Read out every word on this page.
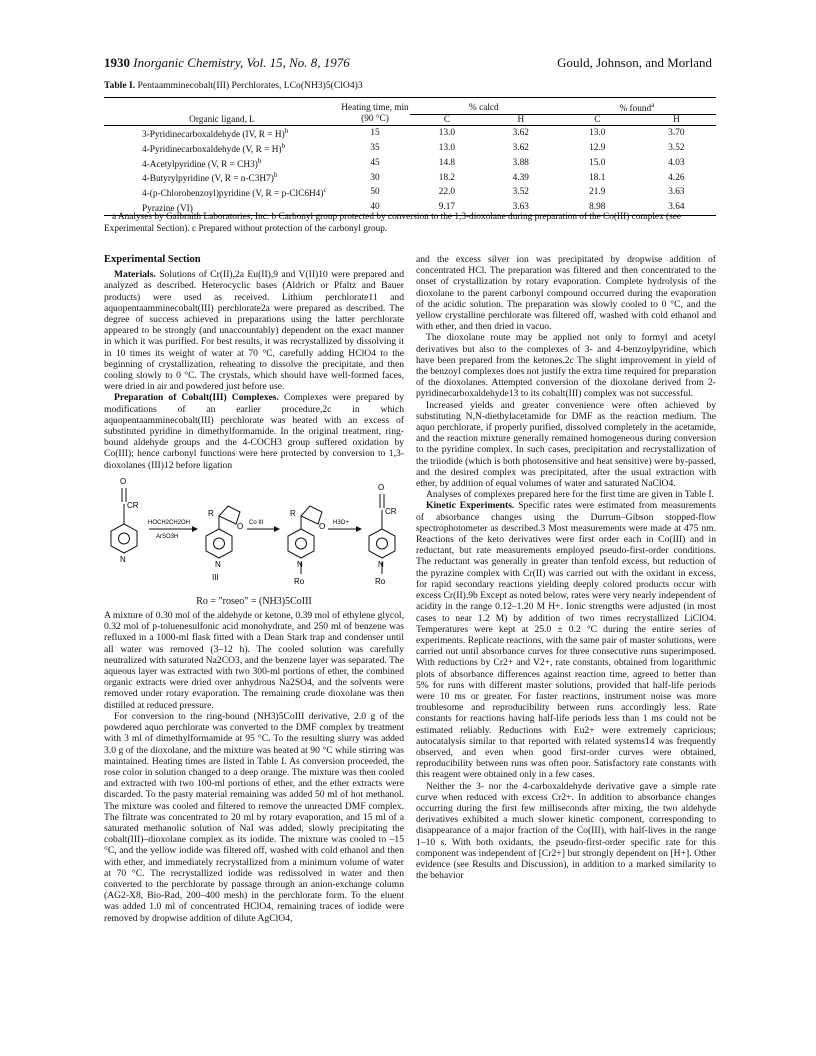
1930 Inorganic Chemistry, Vol. 15, No. 8, 1976	Gould, Johnson, and Morland
Table I. Pentaamminecobalt(III) Perchlorates, LCo(NH3)5(ClO4)3
Organic ligand, L	Heating time, min (90 °C)	% calcd		% found$^a$
		C	H	C	H
3-Pyridinecarboxaldehyde (IV, R = H)$^b$	15	13.0	3.62	13.0	3.70
4-Pyridinecarboxaldehyde (V, R = H)$^b$	35	13.0	3.62	12.9	3.52
4-Acetylpyridine (V, R = CH3)$^b$	45	14.8	3.88	15.0	4.03
4-Butyrylpyridine (V, R = n-C3H7)$^b$	30	18.2	4.39	18.1	4.26
4-(p-Chlorobenzoyl)pyridine (V, R = p-ClC6H4)$^c$	50	22.0	3.52	21.9	3.63
Pyrazine (VI)	40	9.17	3.63	8.98	3.64
a Analyses by Galbraith Laboratories, Inc. b Carbonyl group protected by conversion to the 1,3-dioxolane during preparation of the Co(III) complex (see Experimental Section). c Prepared without protection of the carbonyl group.
Experimental Section

Materials. Solutions of Cr(II),2a Eu(II),9 and V(II)10 were prepared and analyzed as described. Heterocyclic bases (Aldrich or Pfaltz and Bauer products) were used as received. Lithium perchlorate11 and aquopentaamminecobalt(III) perchlorate2a were prepared as described. The degree of success achieved in preparations using the latter perchlorate appeared to be strongly (and unaccountably) dependent on the exact manner in which it was purified. For best results, it was recrystallized by dissolving it in 10 times its weight of water at 70 °C, carefully adding HClO4 to the beginning of crystallization, reheating to dissolve the precipitate, and then cooling slowly to 0 °C. The crystals, which should have well-formed faces, were dried in air and powdered just before use.

Preparation of Cobalt(III) Complexes. Complexes were prepared by modifications of an earlier procedure,2c in which aquopentaamminecobalt(III) perchlorate was heated with an excess of substituted pyridine in dimethylformamide. In the original treatment, ring-bound aldehyde groups and the 4-COCH3 group suffered oxidation by Co(III); hence carbonyl functions were here protected by conversion to 1,3-dioxolanes (III)12 before ligation

O
CR
N
HOCH2CH2OH
ArSO3H
R
O
N
III
Co III
R
O
N
Ro
H3O+
O
CR
N
Ro
Ro = "roseo" = (NH3)5CoIII

A mixture of 0.30 mol of the aldehyde or ketone, 0.39 mol of ethylene glycol, 0.32 mol of p-toluenesulfonic acid monohydrate, and 250 ml of benzene was refluxed in a 1000-ml flask fitted with a Dean Stark trap and condenser until all water was removed (3–12 h). The cooled solution was carefully neutralized with saturated Na2CO3, and the benzene layer was separated. The aqueous layer was extracted with two 300-ml portions of ether, the combined organic extracts were dried over anhydrous Na2SO4, and the solvents were removed under rotary evaporation. The remaining crude dioxolane was then distilled at reduced pressure.

For conversion to the ring-bound (NH3)5CoIII derivative, 2.0 g of the powdered aquo perchlorate was converted to the DMF complex by treatment with 3 ml of dimethylformamide at 95 °C. To the resulting slurry was added 3.0 g of the dioxolane, and the mixture was heated at 90 °C while stirring was maintained. Heating times are listed in Table I. As conversion proceeded, the rose color in solution changed to a deep orange. The mixture was then cooled and extracted with two 100-ml portions of ether, and the ether extracts were discarded. To the pasty material remaining was added 50 ml of hot methanol. The mixture was cooled and filtered to remove the unreacted DMF complex. The filtrate was concentrated to 20 ml by rotary evaporation, and 15 ml of a saturated methanolic solution of NaI was added, slowly precipitating the cobalt(III)–dioxolane complex as its iodide. The mixture was cooled to –15 °C, and the yellow iodide was filtered off, washed with cold ethanol and then with ether, and immediately recrystallized from a minimum volume of water at 70 °C. The recrystallized iodide was redissolved in water and then converted to the perchlorate by passage through an anion-exchange column (AG2-X8, Bio-Rad, 200–400 mesh) in the perchlorate form. To the eluent was added 1.0 ml of concentrated HClO4, remaining traces of iodide were removed by dropwise addition of dilute AgClO4,

and the excess silver ion was precipitated by dropwise addition of concentrated HCl. The preparation was filtered and then concentrated to the onset of crystallization by rotary evaporation. Complete hydrolysis of the dioxolane to the parent carbonyl compound occurred during the evaporation of the acidic solution. The preparation was slowly cooled to 0 °C, and the yellow crystalline perchlorate was filtered off, washed with cold ethanol and with ether, and then dried in vacuo.

The dioxolane route may be applied not only to formyl and acetyl derivatives but also to the complexes of 3- and 4-benzoylpyridine, which have been prepared from the ketones.2c The slight improvement in yield of the benzoyl complexes does not justify the extra time required for preparation of the dioxolanes. Attempted conversion of the dioxolane derived from 2-pyridinecarboxaldehyde13 to its cobalt(III) complex was not successful.

Increased yields and greater convenience were often achieved by substituting N,N-diethylacetamide for DMF as the reaction medium. The aquo perchlorate, if properly purified, dissolved completely in the acetamide, and the reaction mixture generally remained homogeneous during conversion to the pyridine complex. In such cases, precipitation and recrystallization of the triiodide (which is both photosensitive and heat sensitive) were by-passed, and the desired complex was precipitated, after the usual extraction with ether, by addition of equal volumes of water and saturated NaClO4.

Analyses of complexes prepared here for the first time are given in Table I.

Kinetic Experiments. Specific rates were estimated from measurements of absorbance changes using the Durrum–Gibson stopped-flow spectrophotometer as described.3 Most measurements were made at 475 nm. Reactions of the keto derivatives were first order each in Co(III) and in reductant, but rate measurements employed pseudo-first-order conditions. The reductant was generally in greater than tenfold excess, but reduction of the pyrazine complex with Cr(II) was carried out with the oxidant in excess, for rapid secondary reactions yielding deeply colored products occur with excess Cr(II).9b Except as noted below, rates were very nearly independent of acidity in the range 0.12–1.20 M H+. Ionic strengths were adjusted (in most cases to near 1.2 M) by addition of two times recrystallized LiClO4. Temperatures were kept at 25.0 ± 0.2 °C during the entire series of experiments. Replicate reactions, with the same pair of master solutions, were carried out until absorbance curves for three consecutive runs superimposed. With reductions by Cr2+ and V2+, rate constants, obtained from logarithmic plots of absorbance differences against reaction time, agreed to better than 5% for runs with different master solutions, provided that half-life periods were 10 ms or greater. For faster reactions, instrument noise was more troublesome and reproducibility between runs accordingly less. Rate constants for reactions having half-life periods less than 1 ms could not be estimated reliably. Reductions with Eu2+ were extremely capricious; autocatalysis similar to that reported with related systems14 was frequently observed, and even when good first-order curves were obtained, reproducibility between runs was often poor. Satisfactory rate constants with this reagent were obtained only in a few cases.

Neither the 3- nor the 4-carboxaldehyde derivative gave a simple rate curve when reduced with excess Cr2+. In addition to absorbance changes occurring during the first few milliseconds after mixing, the two aldehyde derivatives exhibited a much slower kinetic component, corresponding to disappearance of a major fraction of the Co(III), with half-lives in the range 1–10 s. With both oxidants, the pseudo-first-order specific rate for this component was independent of [Cr2+] but strongly dependent on [H+]. Other evidence (see Results and Discussion), in addition to a marked similarity to the behavior
